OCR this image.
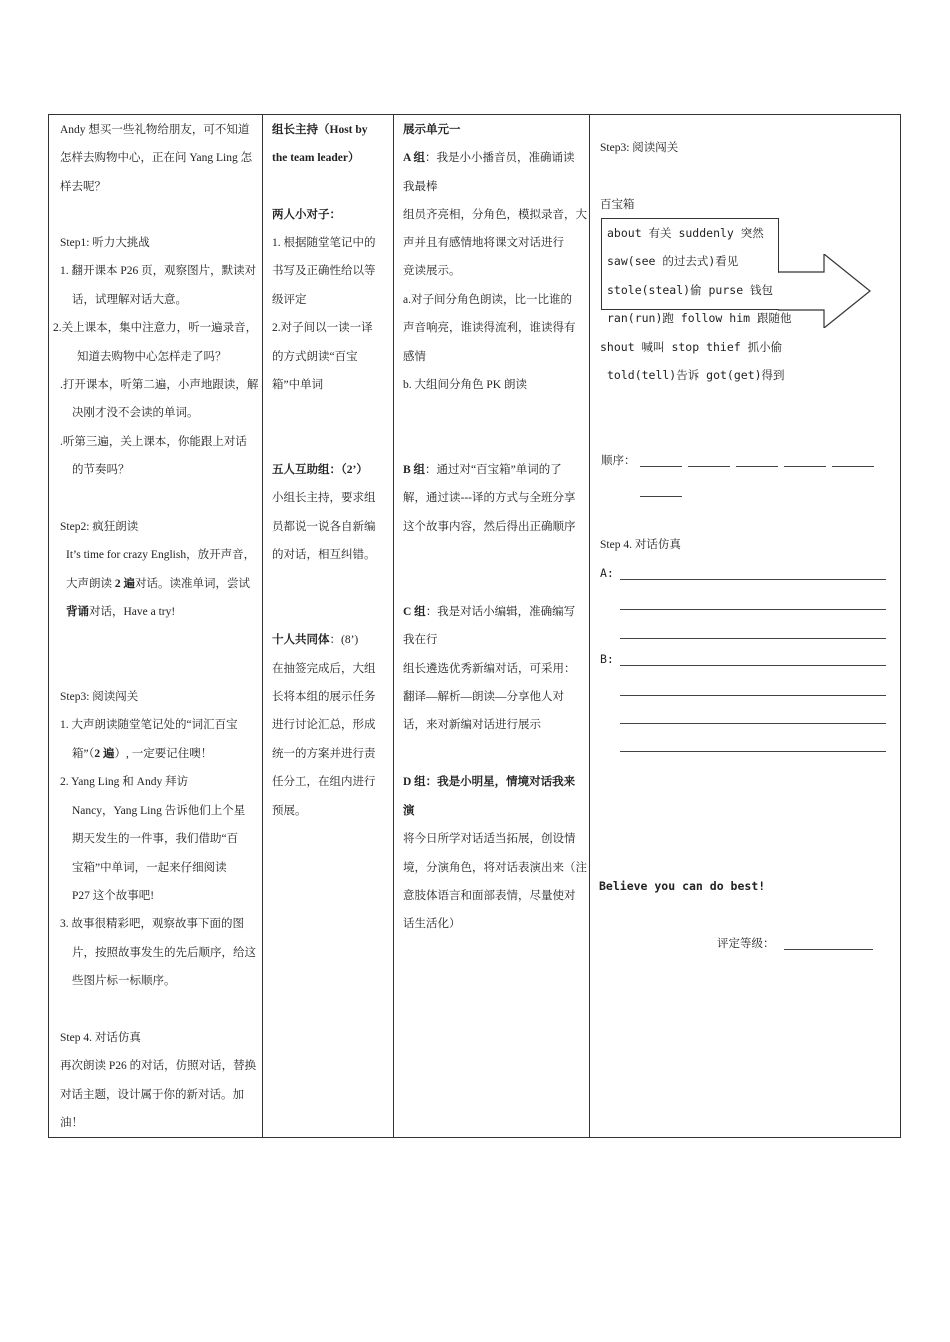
Andy 想买一些礼物给朋友，可不知道
怎样去购物中心，正在问 Yang Ling 怎
样去呢？
Step1: 听力大挑战
1. 翻开课本 P26 页，观察图片，默读对
话，试理解对话大意。
2.关上课本，集中注意力，听一遍录音，
知道去购物中心怎样走了吗？
.打开课本，听第二遍，小声地跟读，解
决刚才没不会读的单词。
.听第三遍，关上课本，你能跟上对话
的节奏吗？
Step2: 疯狂朗读
It’s time for crazy English，放开声音，
大声朗读 2 遍对话。读准单词，尝试
背诵对话，Have a try!
Step3: 阅读闯关
1. 大声朗读随堂笔记处的“词汇百宝
箱”（2 遍）, 一定要记住噢！
2. Yang Ling 和 Andy 拜访
Nancy，Yang Ling 告诉他们上个星
期天发生的一件事，我们借助“百
宝箱”中单词，一起来仔细阅读
P27 这个故事吧!
3. 故事很精彩吧，观察故事下面的图
片，按照故事发生的先后顺序，给这
些图片标一标顺序。
Step 4. 对话仿真
再次朗读 P26 的对话，仿照对话，替换
对话主题，设计属于你的新对话。加
油！
组长主持（Host by
the team leader）
两人小对子：
1. 根据随堂笔记中的
书写及正确性给以等
级评定
2.对子间以一读一译
的方式朗读“百宝
箱”中单词
五人互助组：（2’）
小组长主持，要求组
员都说一说各自新编
的对话，相互纠错。
十人共同体：(8’)
在抽签完成后，大组
长将本组的展示任务
进行讨论汇总，形成
统一的方案并进行责
任分工，在组内进行
预展。
展示单元一
A 组：我是小小播音员，准确诵读
我最棒
组员齐亮相，分角色，模拟录音，大
声并且有感情地将课文对话进行
竞读展示。
a.对子间分角色朗读，比一比谁的
声音响亮，谁读得流利，谁读得有
感情
b. 大组间分角色 PK 朗读
B 组：通过对“百宝箱”单词的了
解，通过读---译的方式与全班分享
这个故事内容，然后得出正确顺序
C 组：我是对话小编辑，准确编写
我在行
组长遴选优秀新编对话，可采用：
翻译—解析—朗读—分享他人对
话，来对新编对话进行展示
D 组：我是小明星，情境对话我来
演
将今日所学对话适当拓展，创设情
境，分演角色，将对话表演出来（注
意肢体语言和面部表情，尽量使对
话生活化）
Step3: 阅读闯关
百宝箱
about 有关 suddenly 突然
saw(see 的过去式)看见
stole(steal)偷 purse 钱包
ran(run)跑 follow him 跟随他
shout 喊叫 stop thief 抓小偷
told(tell)告诉 got(get)得到
顺序：
Step 4. 对话仿真
A:
B:
Believe you can do best!
评定等级：
